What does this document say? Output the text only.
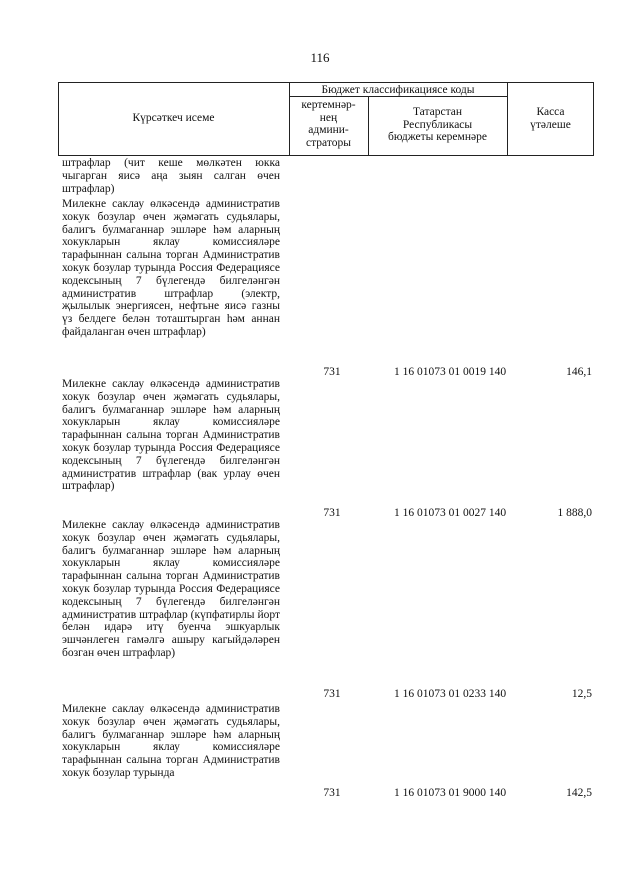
116
Күрсәткеч исеме
Бюджет классификациясе коды
кертемнәр-
нең
админи-
страторы
Татарстан
Республикасы
бюджеты керемнәре
Касса
үтәлеше

штрафлар (чит кеше мөлкәтен юкка чыгарган яисә аңа зыян салган өчен штрафлар)

Милекне саклау өлкәсендә административ хокук бозулар өчен җәмәгать судьялары, балигъ булмаганнар эшләре һәм аларның хокукларын яклау комиссияләре тарафыннан салына торган Административ хокук бозулар турында Россия Федерациясе кодексының 7 бүлегендә билгеләнгән административ штрафлар (электр, җылылык энергиясен, нефтьне яисә газны үз белдеге белән тоташтырган һәм аннан файдаланган өчен штрафлар)

731	1 16 01073 01 0019 140	146,1

Милекне саклау өлкәсендә административ хокук бозулар өчен җәмәгать судьялары, балигъ булмаганнар эшләре һәм аларның хокукларын яклау комиссияләре тарафыннан салына торган Административ хокук бозулар турында Россия Федерациясе кодексының 7 бүлегендә билгеләнгән административ штрафлар (вак урлау өчен штрафлар)

731	1 16 01073 01 0027 140	1 888,0

Милекне саклау өлкәсендә административ хокук бозулар өчен җәмәгать судьялары, балигъ булмаганнар эшләре һәм аларның хокукларын яклау комиссияләре тарафыннан салына торган Административ хокук бозулар турында Россия Федерациясе кодексының 7 бүлегендә билгеләнгән административ штрафлар (күпфатирлы йорт белән идарә итү буенча эшкуарлык эшчәнлеген гамәлгә ашыру кагыйдәләрен бозган өчен штрафлар)

731	1 16 01073 01 0233 140	12,5

Милекне саклау өлкәсендә административ хокук бозулар өчен җәмәгать судьялары, балигъ булмаганнар эшләре һәм аларның хокукларын яклау комиссияләре тарафыннан салына торган Административ хокук бозулар турында

731	1 16 01073 01 9000 140	142,5
